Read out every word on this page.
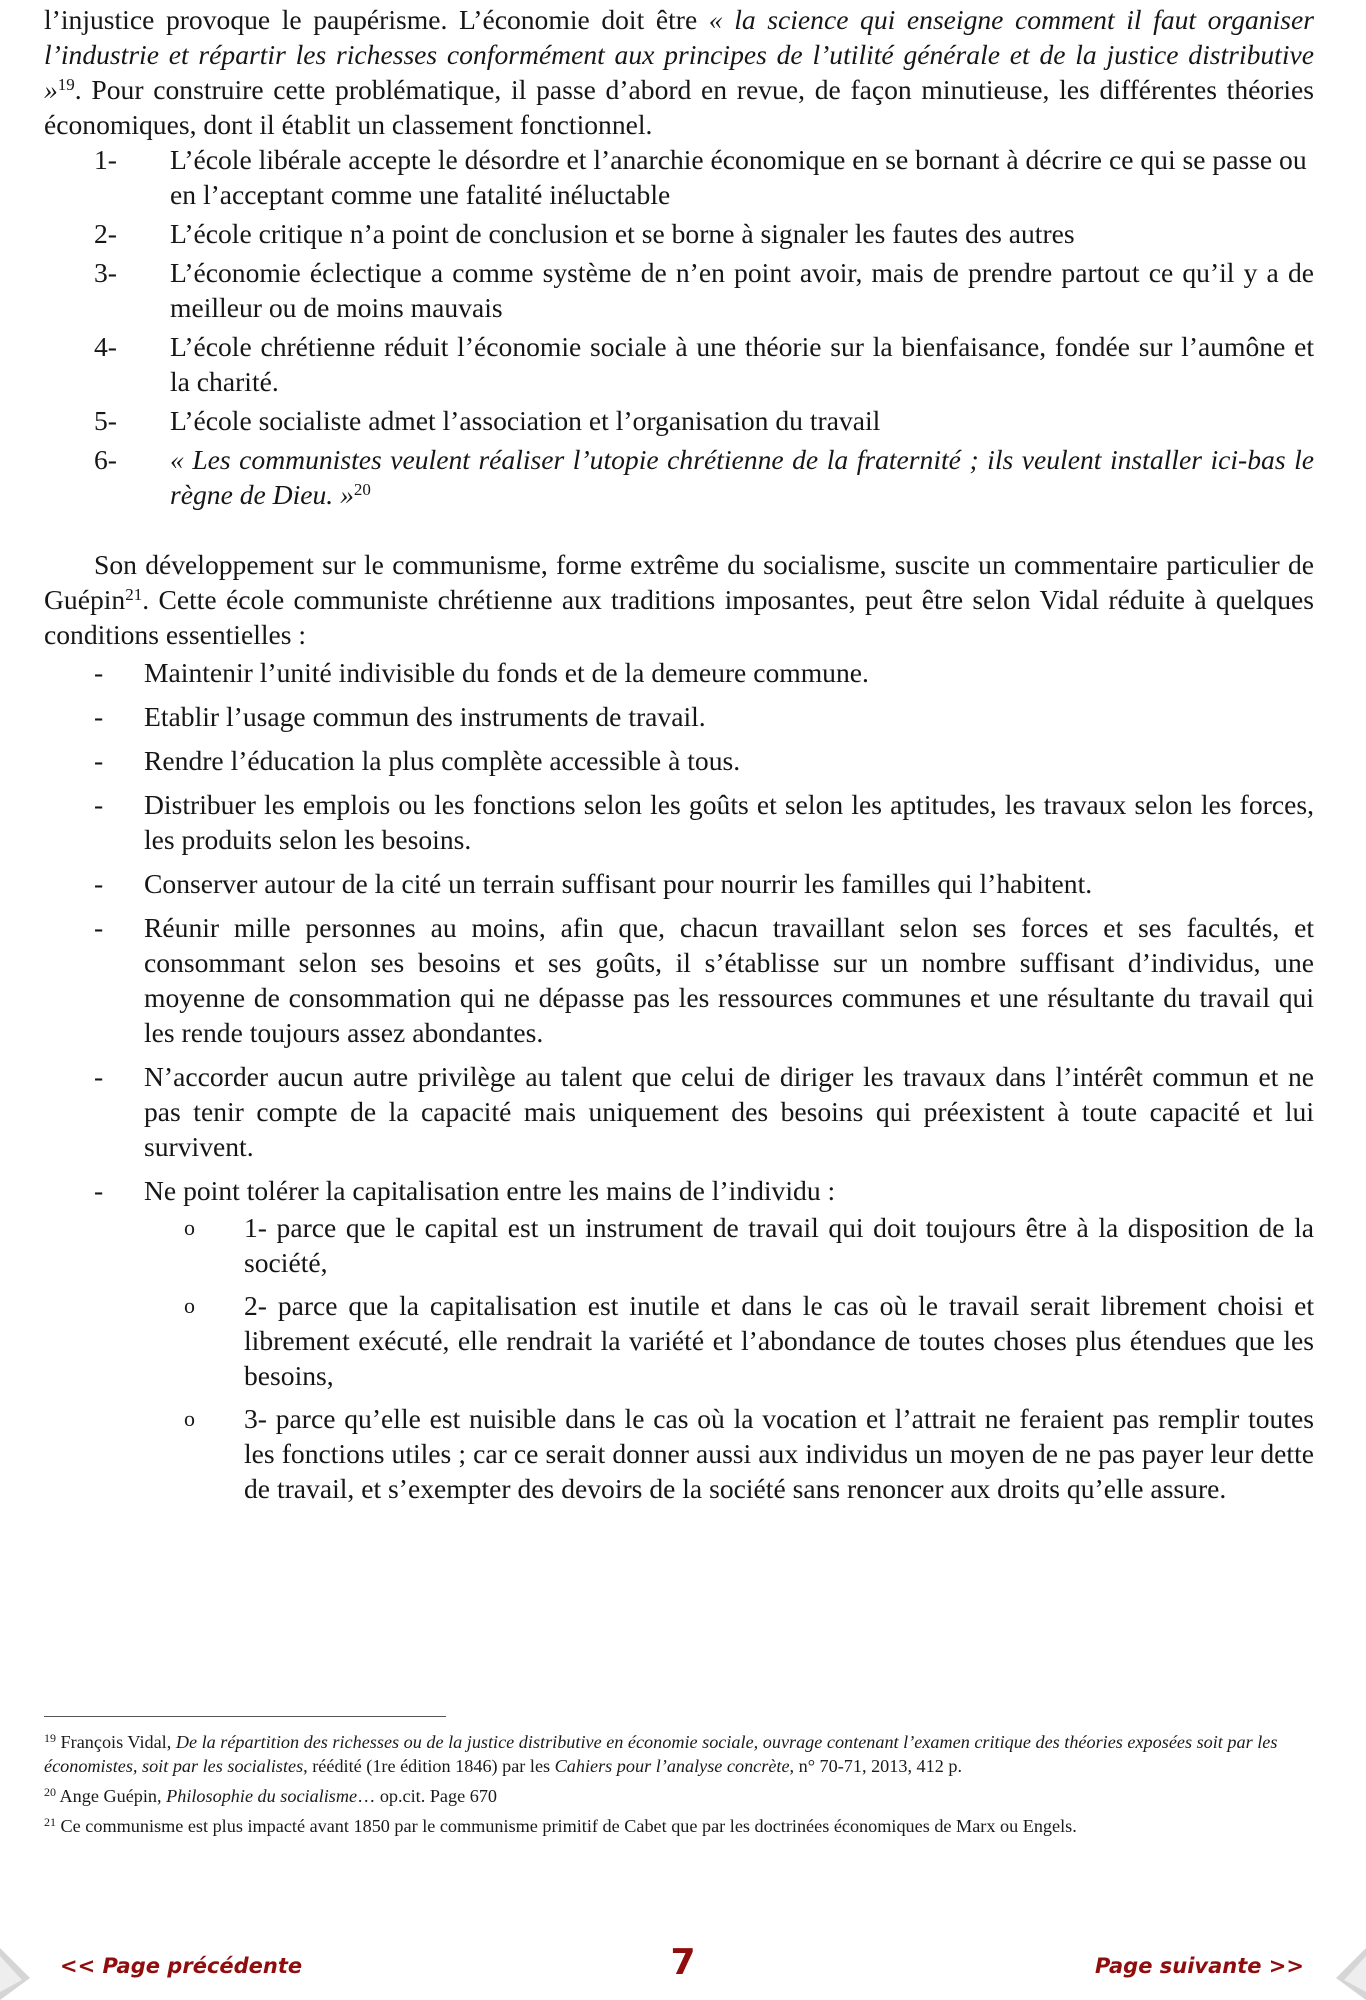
l’injustice provoque le paupérisme. L’économie doit être « la science qui enseigne comment il faut organiser l’industrie et répartir les richesses conformément aux principes de l’utilité générale et de la justice distributive »$^{19}$. Pour construire cette problématique, il passe d’abord en revue, de façon minutieuse, les différentes théories économiques, dont il établit un classement fonctionnel.

1- L’école libérale accepte le désordre et l’anarchie économique en se bornant à décrire ce qui se passe ou en l’acceptant comme une fatalité inéluctable
2- L’école critique n’a point de conclusion et se borne à signaler les fautes des autres
3- L’économie éclectique a comme système de n’en point avoir, mais de prendre partout ce qu’il y a de meilleur ou de moins mauvais
4- L’école chrétienne réduit l’économie sociale à une théorie sur la bienfaisance, fondée sur l’aumône et la charité.
5- L’école socialiste admet l’association et l’organisation du travail
6- « Les communistes veulent réaliser l’utopie chrétienne de la fraternité ; ils veulent installer ici-bas le règne de Dieu. »$^{20}$

Son développement sur le communisme, forme extrême du socialisme, suscite un commentaire particulier de Guépin$^{21}$. Cette école communiste chrétienne aux traditions imposantes, peut être selon Vidal réduite à quelques conditions essentielles :

- Maintenir l’unité indivisible du fonds et de la demeure commune.
- Etablir l’usage commun des instruments de travail.
- Rendre l’éducation la plus complète accessible à tous.
- Distribuer les emplois ou les fonctions selon les goûts et selon les aptitudes, les travaux selon les forces, les produits selon les besoins.
- Conserver autour de la cité un terrain suffisant pour nourrir les familles qui l’habitent.
- Réunir mille personnes au moins, afin que, chacun travaillant selon ses forces et ses facultés, et consommant selon ses besoins et ses goûts, il s’établisse sur un nombre suffisant d’individus, une moyenne de consommation qui ne dépasse pas les ressources communes et une résultante du travail qui les rende toujours assez abondantes.
- N’accorder aucun autre privilège au talent que celui de diriger les travaux dans l’intérêt commun et ne pas tenir compte de la capacité mais uniquement des besoins qui préexistent à toute capacité et lui survivent.
- Ne point tolérer la capitalisation entre les mains de l’individu :
o 1- parce que le capital est un instrument de travail qui doit toujours être à la disposition de la société,
o 2- parce que la capitalisation est inutile et dans le cas où le travail serait librement choisi et librement exécuté, elle rendrait la variété et l’abondance de toutes choses plus étendues que les besoins,
o 3- parce qu’elle est nuisible dans le cas où la vocation et l’attrait ne feraient pas remplir toutes les fonctions utiles ; car ce serait donner aussi aux individus un moyen de ne pas payer leur dette de travail, et s’exempter des devoirs de la société sans renoncer aux droits qu’elle assure.

$^{19}$ François Vidal, De la répartition des richesses ou de la justice distributive en économie sociale, ouvrage contenant l’examen critique des théories exposées soit par les économistes, soit par les socialistes, réédité (1re édition 1846) par les Cahiers pour l’analyse concrète, n° 70-71, 2013, 412 p.

$^{20}$ Ange Guépin, Philosophie du socialisme… op.cit. Page 670

$^{21}$ Ce communisme est plus impacté avant 1850 par le communisme primitif de Cabet que par les doctrinées économiques de Marx ou Engels.

<< Page précédente	7	Page suivante >>
